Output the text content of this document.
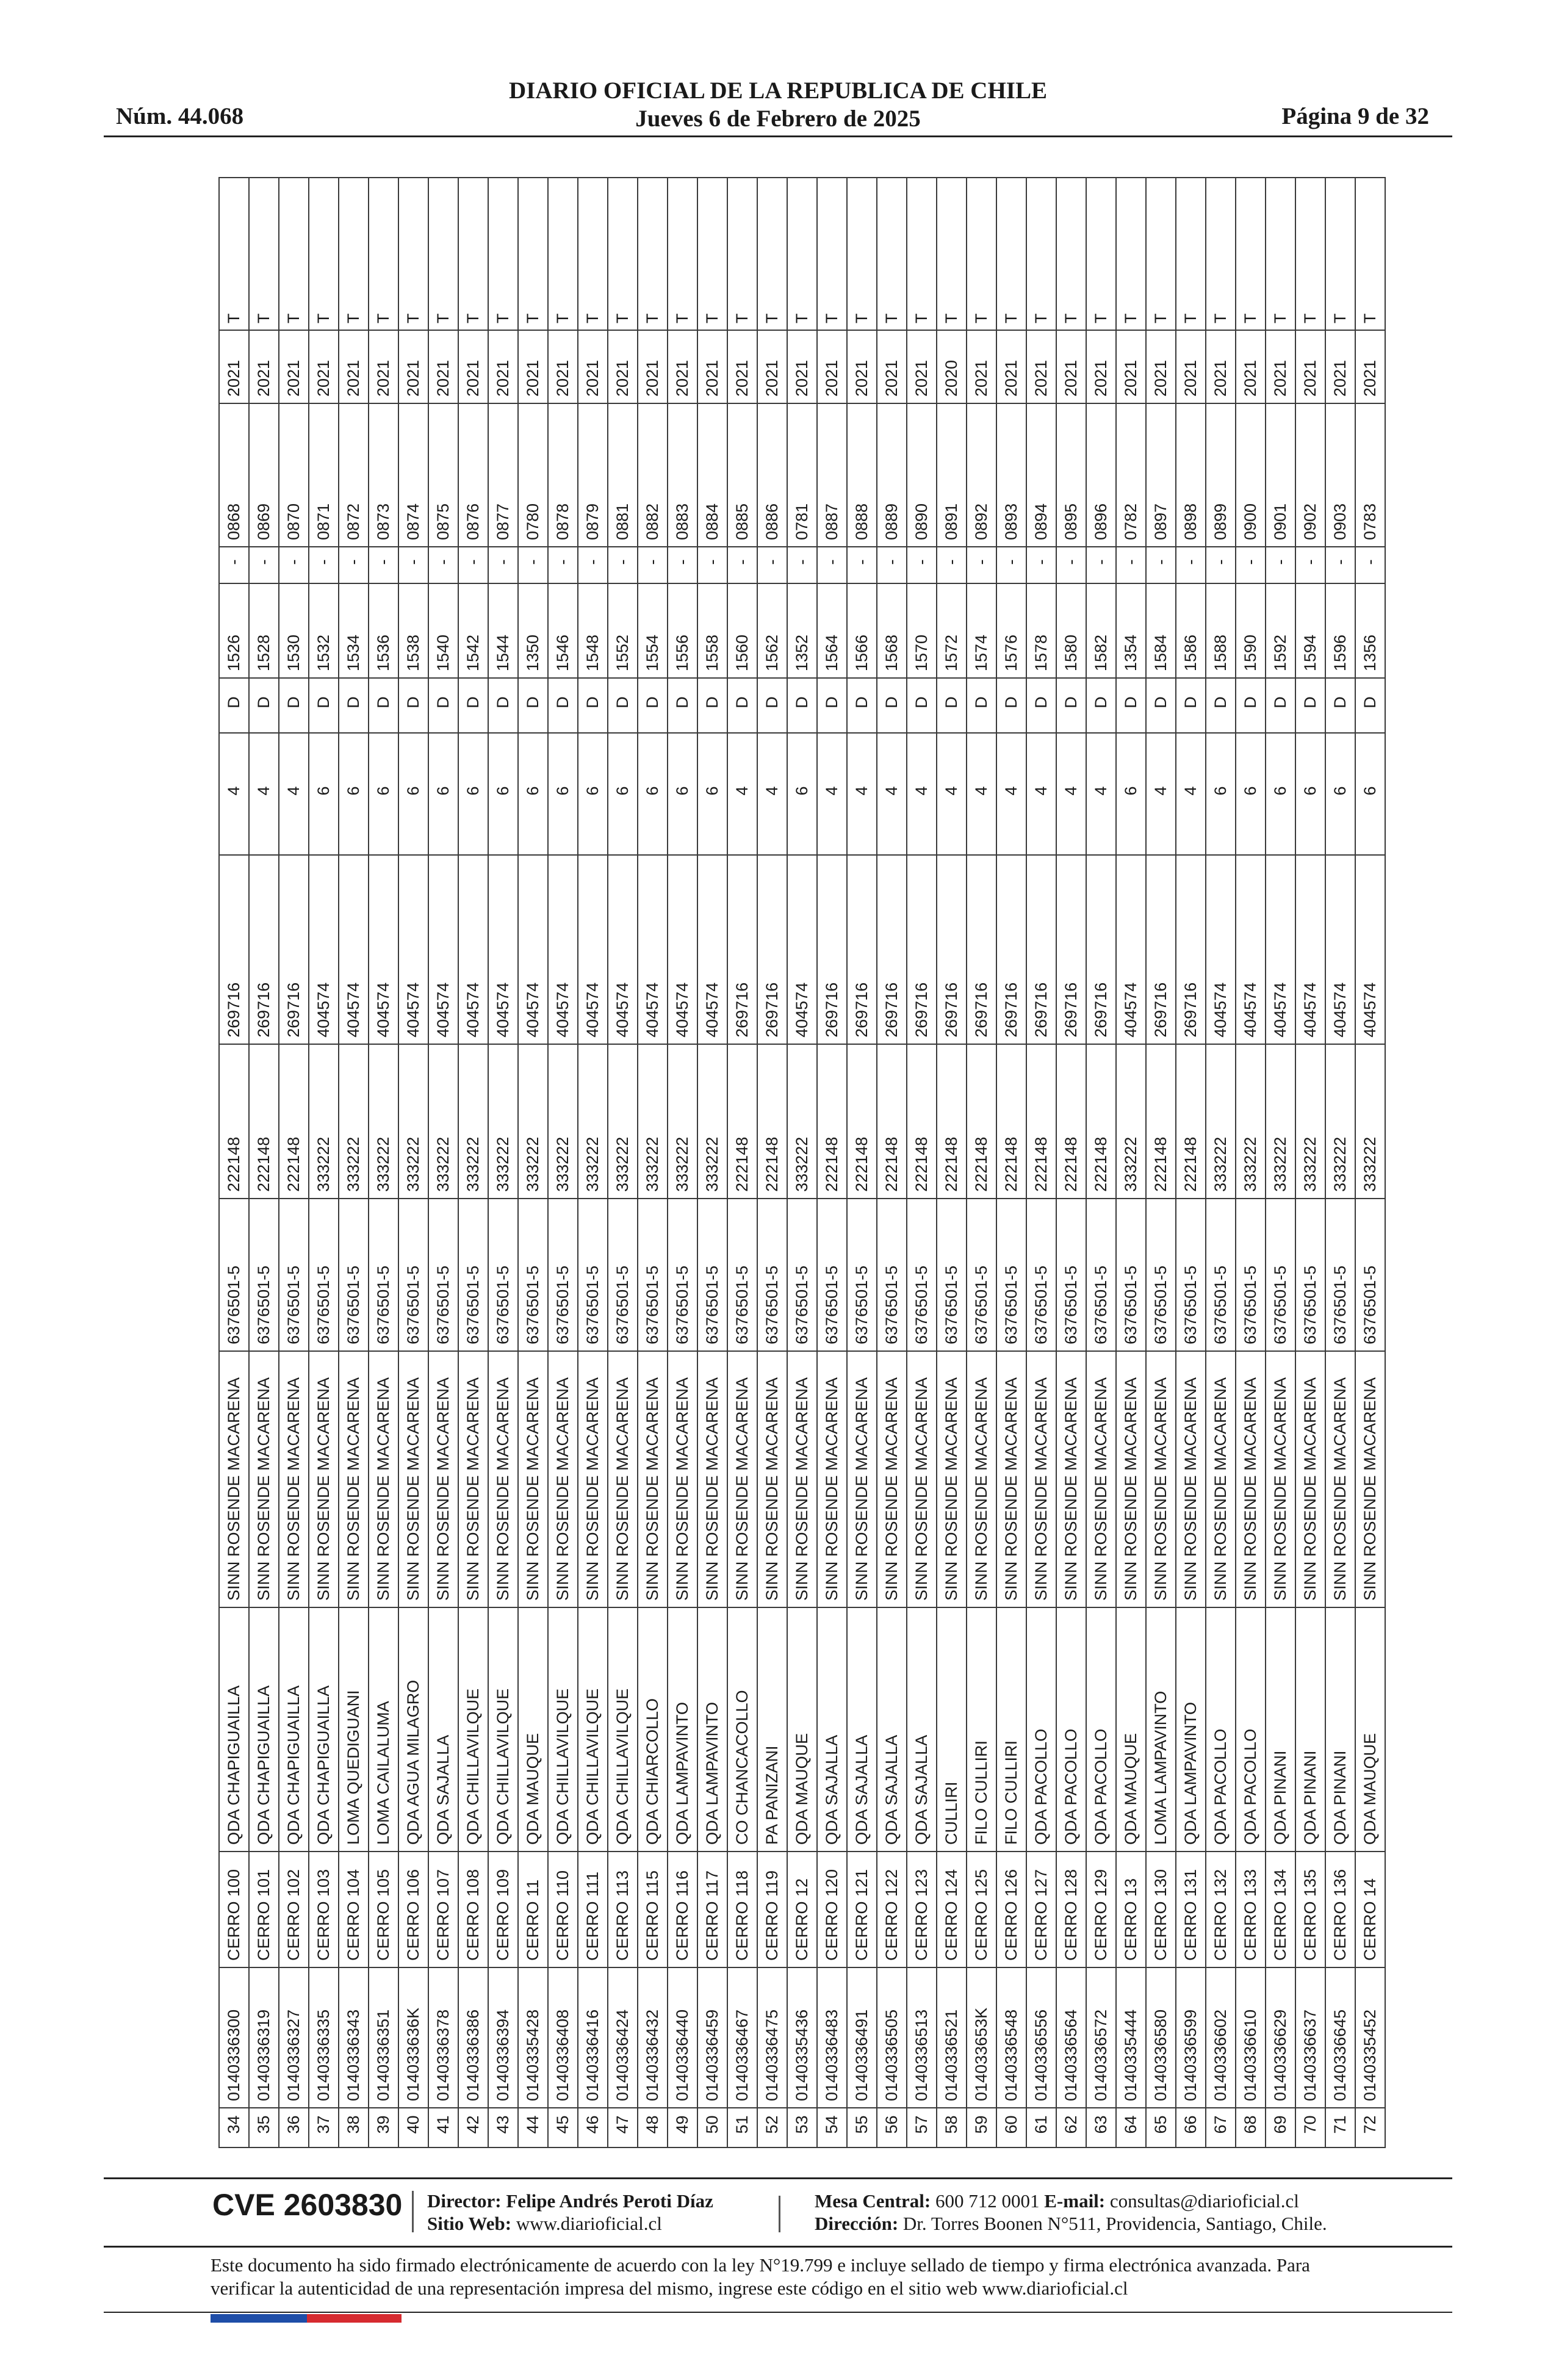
Núm. 44.068
DIARIO OFICIAL DE LA REPUBLICA DE CHILE
Jueves 6 de Febrero de 2025	Página 9 de 32
34	0140336300	CERRO 100	QDA CHAPIGUAILLA	SINN ROSENDE MACARENA	6376501-5	222148	269716	4	D	1526	-	0868	2021	T
35	0140336319	CERRO 101	QDA CHAPIGUAILLA	SINN ROSENDE MACARENA	6376501-5	222148	269716	4	D	1528	-	0869	2021	T
36	0140336327	CERRO 102	QDA CHAPIGUAILLA	SINN ROSENDE MACARENA	6376501-5	222148	269716	4	D	1530	-	0870	2021	T
37	0140336335	CERRO 103	QDA CHAPIGUAILLA	SINN ROSENDE MACARENA	6376501-5	333222	404574	6	D	1532	-	0871	2021	T
38	0140336343	CERRO 104	LOMA QUEDIGUANI	SINN ROSENDE MACARENA	6376501-5	333222	404574	6	D	1534	-	0872	2021	T
39	0140336351	CERRO 105	LOMA CAILALUMA	SINN ROSENDE MACARENA	6376501-5	333222	404574	6	D	1536	-	0873	2021	T
40	014033636K	CERRO 106	QDA AGUA MILAGRO	SINN ROSENDE MACARENA	6376501-5	333222	404574	6	D	1538	-	0874	2021	T
41	0140336378	CERRO 107	QDA SAJALLA	SINN ROSENDE MACARENA	6376501-5	333222	404574	6	D	1540	-	0875	2021	T
42	0140336386	CERRO 108	QDA CHILLAVILQUE	SINN ROSENDE MACARENA	6376501-5	333222	404574	6	D	1542	-	0876	2021	T
43	0140336394	CERRO 109	QDA CHILLAVILQUE	SINN ROSENDE MACARENA	6376501-5	333222	404574	6	D	1544	-	0877	2021	T
44	0140335428	CERRO 11	QDA MAUQUE	SINN ROSENDE MACARENA	6376501-5	333222	404574	6	D	1350	-	0780	2021	T
45	0140336408	CERRO 110	QDA CHILLAVILQUE	SINN ROSENDE MACARENA	6376501-5	333222	404574	6	D	1546	-	0878	2021	T
46	0140336416	CERRO 111	QDA CHILLAVILQUE	SINN ROSENDE MACARENA	6376501-5	333222	404574	6	D	1548	-	0879	2021	T
47	0140336424	CERRO 113	QDA CHILLAVILQUE	SINN ROSENDE MACARENA	6376501-5	333222	404574	6	D	1552	-	0881	2021	T
48	0140336432	CERRO 115	QDA CHIARCOLLO	SINN ROSENDE MACARENA	6376501-5	333222	404574	6	D	1554	-	0882	2021	T
49	0140336440	CERRO 116	QDA LAMPAVINTO	SINN ROSENDE MACARENA	6376501-5	333222	404574	6	D	1556	-	0883	2021	T
50	0140336459	CERRO 117	QDA LAMPAVINTO	SINN ROSENDE MACARENA	6376501-5	333222	404574	6	D	1558	-	0884	2021	T
51	0140336467	CERRO 118	CO CHANCACOLLO	SINN ROSENDE MACARENA	6376501-5	222148	269716	4	D	1560	-	0885	2021	T
52	0140336475	CERRO 119	PA PANIZANI	SINN ROSENDE MACARENA	6376501-5	222148	269716	4	D	1562	-	0886	2021	T
53	0140335436	CERRO 12	QDA MAUQUE	SINN ROSENDE MACARENA	6376501-5	333222	404574	6	D	1352	-	0781	2021	T
54	0140336483	CERRO 120	QDA SAJALLA	SINN ROSENDE MACARENA	6376501-5	222148	269716	4	D	1564	-	0887	2021	T
55	0140336491	CERRO 121	QDA SAJALLA	SINN ROSENDE MACARENA	6376501-5	222148	269716	4	D	1566	-	0888	2021	T
56	0140336505	CERRO 122	QDA SAJALLA	SINN ROSENDE MACARENA	6376501-5	222148	269716	4	D	1568	-	0889	2021	T
57	0140336513	CERRO 123	QDA SAJALLA	SINN ROSENDE MACARENA	6376501-5	222148	269716	4	D	1570	-	0890	2021	T
58	0140336521	CERRO 124	CULLIRI	SINN ROSENDE MACARENA	6376501-5	222148	269716	4	D	1572	-	0891	2020	T
59	014033653K	CERRO 125	FILO CULLIRI	SINN ROSENDE MACARENA	6376501-5	222148	269716	4	D	1574	-	0892	2021	T
60	0140336548	CERRO 126	FILO CULLIRI	SINN ROSENDE MACARENA	6376501-5	222148	269716	4	D	1576	-	0893	2021	T
61	0140336556	CERRO 127	QDA PACOLLO	SINN ROSENDE MACARENA	6376501-5	222148	269716	4	D	1578	-	0894	2021	T
62	0140336564	CERRO 128	QDA PACOLLO	SINN ROSENDE MACARENA	6376501-5	222148	269716	4	D	1580	-	0895	2021	T
63	0140336572	CERRO 129	QDA PACOLLO	SINN ROSENDE MACARENA	6376501-5	222148	269716	4	D	1582	-	0896	2021	T
64	0140335444	CERRO 13	QDA MAUQUE	SINN ROSENDE MACARENA	6376501-5	333222	404574	6	D	1354	-	0782	2021	T
65	0140336580	CERRO 130	LOMA LAMPAVINTO	SINN ROSENDE MACARENA	6376501-5	222148	269716	4	D	1584	-	0897	2021	T
66	0140336599	CERRO 131	QDA LAMPAVINTO	SINN ROSENDE MACARENA	6376501-5	222148	269716	4	D	1586	-	0898	2021	T
67	0140336602	CERRO 132	QDA PACOLLO	SINN ROSENDE MACARENA	6376501-5	333222	404574	6	D	1588	-	0899	2021	T
68	0140336610	CERRO 133	QDA PACOLLO	SINN ROSENDE MACARENA	6376501-5	333222	404574	6	D	1590	-	0900	2021	T
69	0140336629	CERRO 134	QDA PINANI	SINN ROSENDE MACARENA	6376501-5	333222	404574	6	D	1592	-	0901	2021	T
70	0140336637	CERRO 135	QDA PINANI	SINN ROSENDE MACARENA	6376501-5	333222	404574	6	D	1594	-	0902	2021	T
71	0140336645	CERRO 136	QDA PINANI	SINN ROSENDE MACARENA	6376501-5	333222	404574	6	D	1596	-	0903	2021	T
72	0140335452	CERRO 14	QDA MAUQUE	SINN ROSENDE MACARENA	6376501-5	333222	404574	6	D	1356	-	0783	2021	T
CVE 2603830 Director: Felipe Andrés Peroti Díaz
Sitio Web: www.diarioficial.cl
Mesa Central: 600 712 0001 E-mail: consultas@diarioficial.cl
Dirección: Dr. Torres Boonen N°511, Providencia, Santiago, Chile.
Este documento ha sido firmado electrónicamente de acuerdo con la ley N°19.799 e incluye sellado de tiempo y firma electrónica avanzada. Para verificar la autenticidad de una representación impresa del mismo, ingrese este código en el sitio web www.diarioficial.cl
